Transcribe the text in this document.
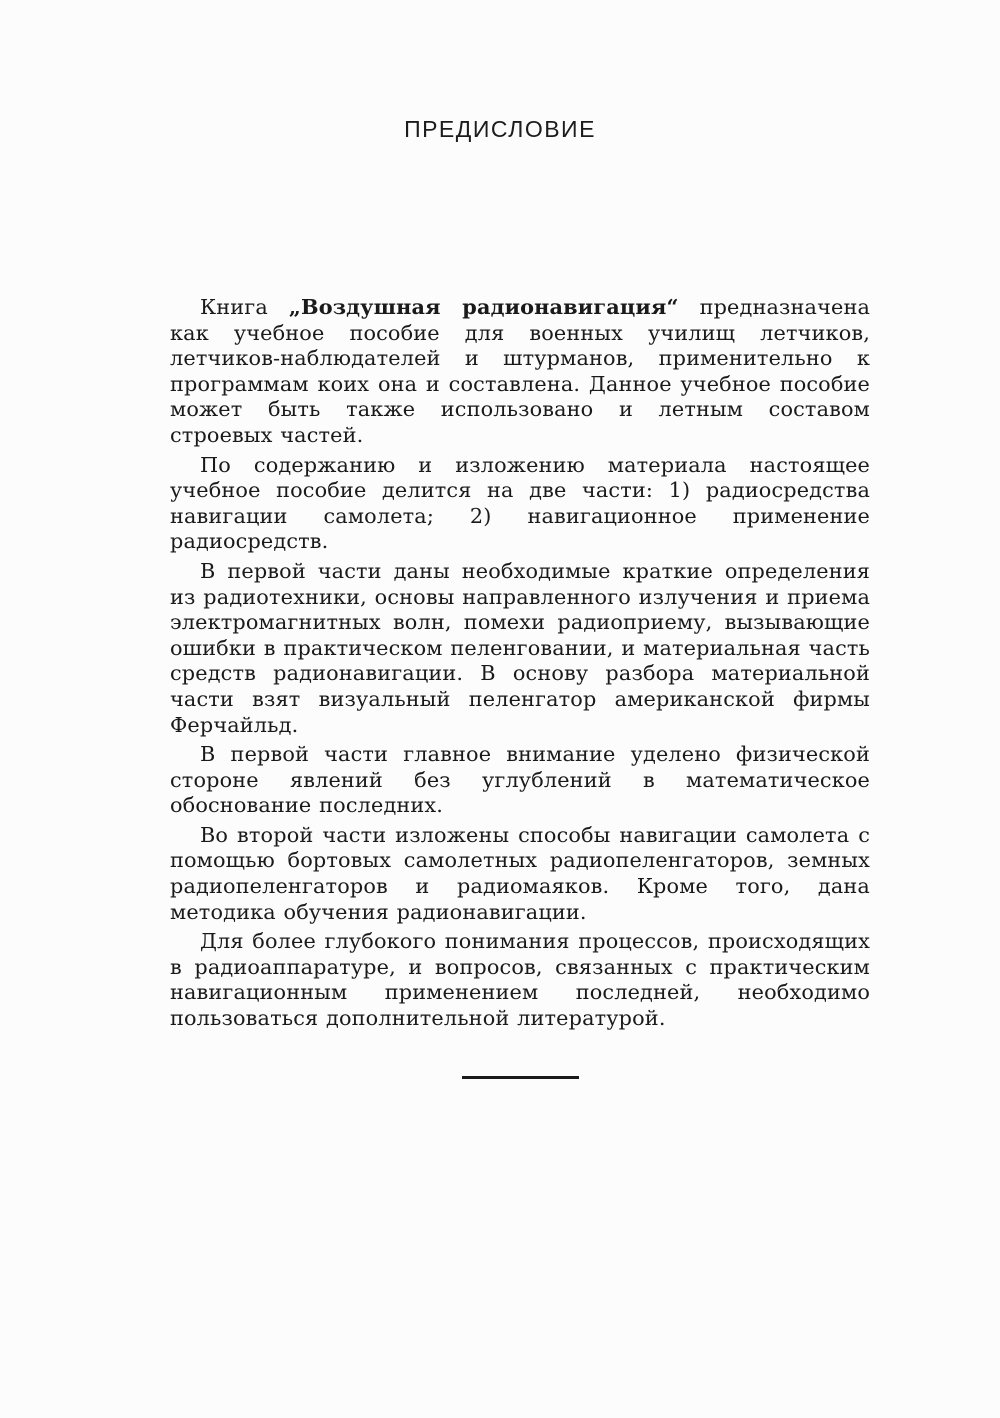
ПРЕДИСЛОВИЕ

Книга „Воздушная радионавигация“ предназначена как учебное пособие для военных училищ летчиков, летчиков-наблюдателей и штурманов, применительно к программам коих она и составлена. Данное учебное пособие может быть также использовано и летным составом строевых частей.

По содержанию и изложению материала настоящее учебное пособие делится на две части: 1) радиосредства навигации самолета; 2) навигационное применение радиосредств.

В первой части даны необходимые краткие определения из радиотехники, основы направленного излучения и приема электромагнитных волн, помехи радиоприему, вызывающие ошибки в практическом пеленговании, и материальная часть средств радионавигации. В основу разбора материальной части взят визуальный пеленгатор американской фирмы Ферчайльд.

В первой части главное внимание уделено физической стороне явлений без углублений в математическое обоснование последних.

Во второй части изложены способы навигации самолета с помощью бортовых самолетных радиопеленгаторов, земных радиопеленгаторов и радиомаяков. Кроме того, дана методика обучения радионавигации.

Для более глубокого понимания процессов, происходящих в радиоаппаратуре, и вопросов, связанных с практическим навигационным применением последней, необходимо пользоваться дополнительной литературой.
